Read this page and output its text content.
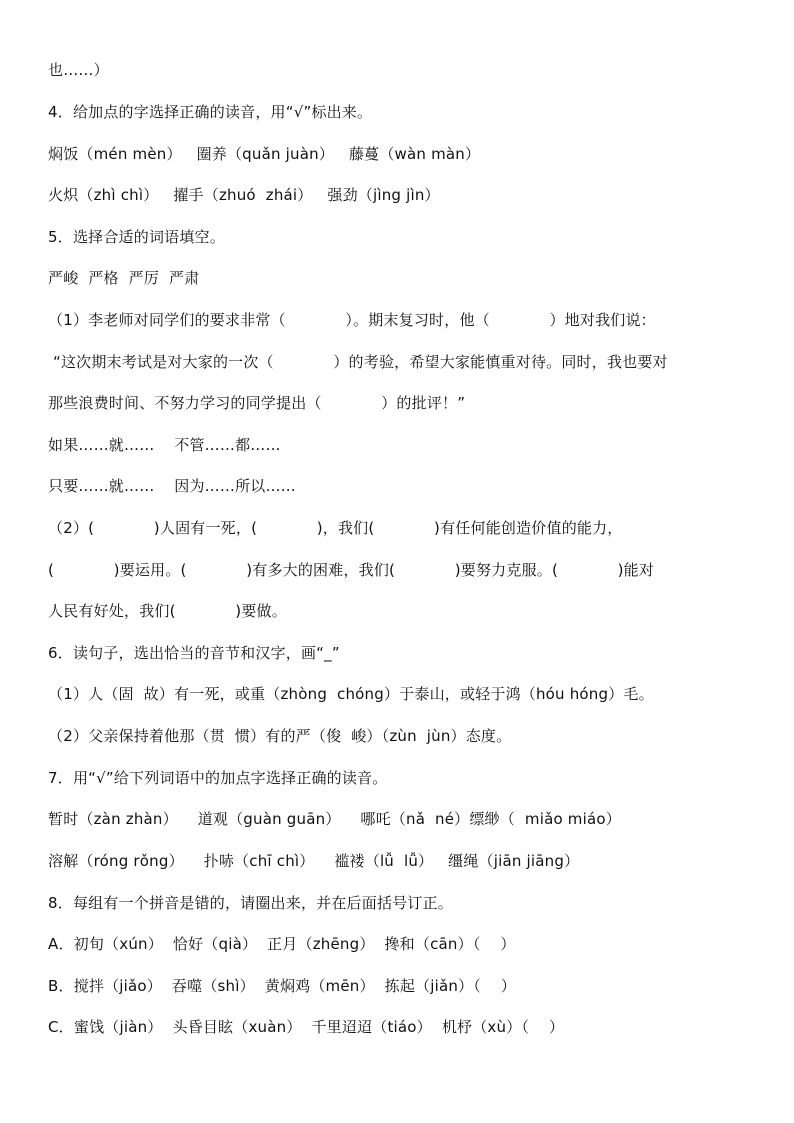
也……）
4．给加点的字选择正确的读音，用“√”标出来。
焖饭（mén mèn）   圈养（quǎn juàn）   藤蔓（wàn màn）
火炽（zhì chì）   擢手（zhuó  zhái）   强劲（jìng jìn）
5．选择合适的词语填空。
严峻  严格  严厉  严肃
（1）李老师对同学们的要求非常（            ）。期末复习时，他（            ）地对我们说：
“这次期末考试是对大家的一次（            ）的考验，希望大家能慎重对待。同时，我也要对
那些浪费时间、不努力学习的同学提出（            ）的批评！”
如果……就……    不管……都……
只要……就……    因为……所以……
（2）(            )人固有一死，(            )，我们(            )有任何能创造价值的能力，
(            )要运用。(            )有多大的困难，我们(            )要努力克服。(            )能对
人民有好处，我们(            )要做。
6．读句子，选出恰当的音节和汉字，画“_”
（1）人（固  故）有一死，或重（zhòng  chóng）于泰山，或轻于鸿（hóu hóng）毛。
（2）父亲保持着他那（贯  惯）有的严（俊  峻）（zùn  jùn）态度。
7．用“√”给下列词语中的加点字选择正确的读音。
暂时（zàn zhàn）    道观（guàn guān）    哪吒（nǎ  né）缥缈（  miǎo miáo）
溶解（róng rǒng）    扑哧（chī chì）    褴褛（lǚ  lǚ）   缰绳（jiān jiāng）
8．每组有一个拼音是错的，请圈出来，并在后面括号订正。
A．初旬（xún）  恰好（qià）  正月（zhēng）  搀和（cān）（    ）
B．搅拌（jiǎo）  吞噬（shì）  黄焖鸡（mēn）  拣起（jiǎn）（    ）
C．蜜饯（jiàn）  头昏目眩（xuàn）  千里迢迢（tiáo）  机杼（xù）（    ）
